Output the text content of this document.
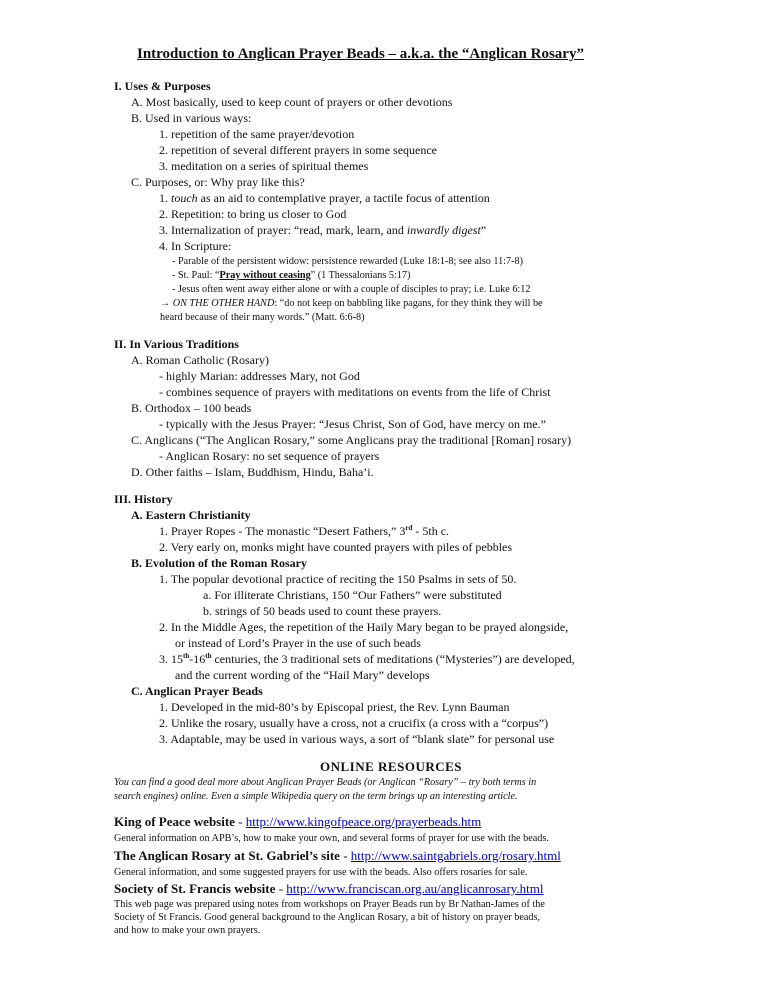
Introduction to Anglican Prayer Beads – a.k.a. the “Anglican Rosary”
I. Uses & Purposes
A. Most basically, used to keep count of prayers or other devotions
B. Used in various ways:
1. repetition of the same prayer/devotion
2. repetition of several different prayers in some sequence
3. meditation on a series of spiritual themes
C. Purposes, or: Why pray like this?
1. touch as an aid to contemplative prayer, a tactile focus of attention
2. Repetition: to bring us closer to God
3. Internalization of prayer: “read, mark, learn, and inwardly digest”
4. In Scripture:
- Parable of the persistent widow: persistence rewarded (Luke 18:1-8; see also 11:7-8)
- St. Paul: “Pray without ceasing” (1 Thessalonians 5:17)
- Jesus often went away either alone or with a couple of disciples to pray; i.e. Luke 6:12
→ ON THE OTHER HAND: “do not keep on babbling like pagans, for they think they will be
heard because of their many words.” (Matt. 6:6-8)
II. In Various Traditions
A. Roman Catholic (Rosary)
- highly Marian: addresses Mary, not God
- combines sequence of prayers with meditations on events from the life of Christ
B. Orthodox – 100 beads
- typically with the Jesus Prayer: “Jesus Christ, Son of God, have mercy on me.”
C. Anglicans (“The Anglican Rosary,” some Anglicans pray the traditional [Roman] rosary)
- Anglican Rosary: no set sequence of prayers
D. Other faiths – Islam, Buddhism, Hindu, Baha’i.
III. History
A. Eastern Christianity
1. Prayer Ropes - The monastic “Desert Fathers,” 3rd - 5th c.
2. Very early on, monks might have counted prayers with piles of pebbles
B. Evolution of the Roman Rosary
1. The popular devotional practice of reciting the 150 Psalms in sets of 50.
a. For illiterate Christians, 150 “Our Fathers” were substituted
b. strings of 50 beads used to count these prayers.
2. In the Middle Ages, the repetition of the Haily Mary began to be prayed alongside,
or instead of Lord’s Prayer in the use of such beads
3. 15th-16th centuries, the 3 traditional sets of meditations (“Mysteries”) are developed,
and the current wording of the “Hail Mary” develops
C. Anglican Prayer Beads
1. Developed in the mid-80’s by Episcopal priest, the Rev. Lynn Bauman
2. Unlike the rosary, usually have a cross, not a crucifix (a cross with a “corpus”)
3. Adaptable, may be used in various ways, a sort of “blank slate” for personal use
ONLINE RESOURCES
You can find a good deal more about Anglican Prayer Beads (or Anglican “Rosary” – try both terms in
search engines) online. Even a simple Wikipedia query on the term brings up an interesting article.
King of Peace website - http://www.kingofpeace.org/prayerbeads.htm
General information on APB’s, how to make your own, and several forms of prayer for use with the beads.
The Anglican Rosary at St. Gabriel’s site - http://www.saintgabriels.org/rosary.html
General information, and some suggested prayers for use with the beads. Also offers rosaries for sale.
Society of St. Francis website - http://www.franciscan.org.au/anglicanrosary.html
This web page was prepared using notes from workshops on Prayer Beads run by Br Nathan-James of the
Society of St Francis. Good general background to the Anglican Rosary, a bit of history on prayer beads,
and how to make your own prayers.
